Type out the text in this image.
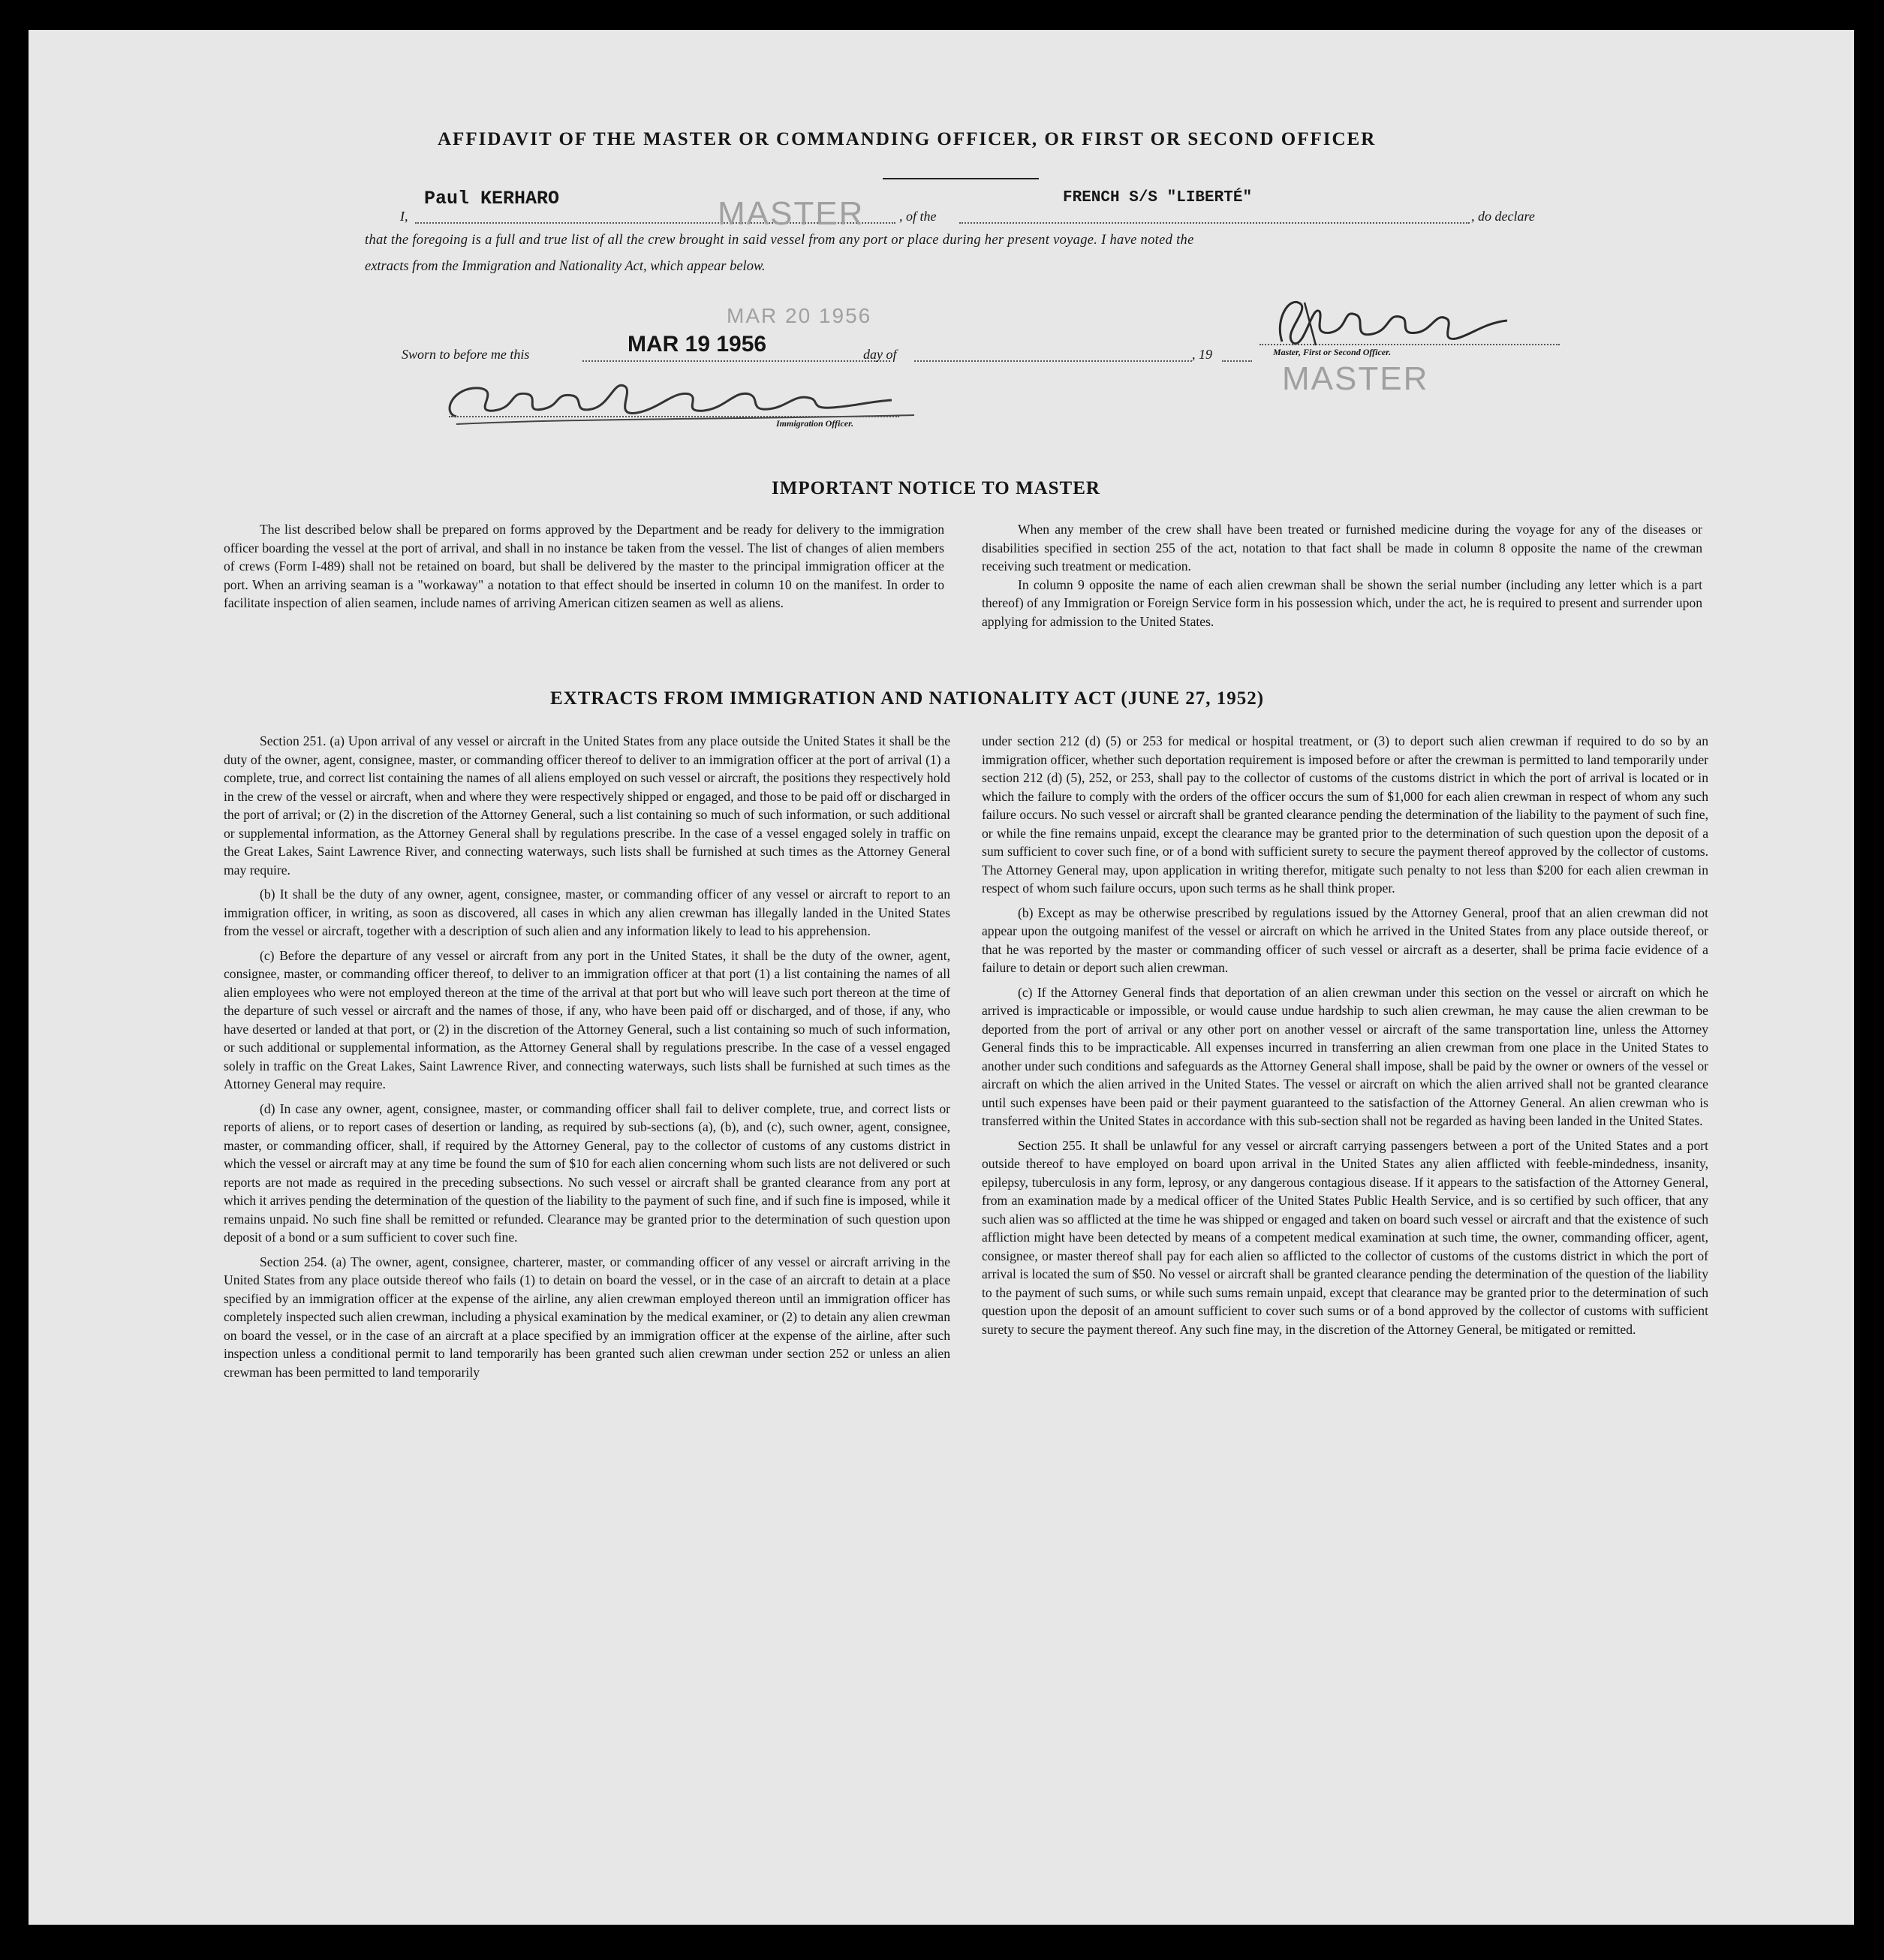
AFFIDAVIT OF THE MASTER OR COMMANDING OFFICER, OR FIRST OR SECOND OFFICER
I,
Paul KERHARO	MASTER	, of the
FRENCH S/S "LIBERTÉ"
, do declare
that the foregoing is a full and true list of all the crew brought in said vessel from any port or place during her present voyage. I have noted the
extracts from the Immigration and Nationality Act, which appear below.
MAR 20 1956
Master, First or Second Officer.
MASTER
Sworn to before me this	MAR 19 1956	day of	, 19
Immigration Officer.
IMPORTANT NOTICE TO MASTER

The list described below shall be prepared on forms approved by the Department and be ready for delivery to the immigration officer boarding the vessel at the port of arrival, and shall in no instance be taken from the vessel. The list of changes of alien members of crews (Form I-489) shall not be retained on board, but shall be delivered by the master to the principal immigration officer at the port. When an arriving seaman is a "workaway" a notation to that effect should be inserted in column 10 on the manifest. In order to facilitate inspection of alien seamen, include names of arriving American citizen seamen as well as aliens.

When any member of the crew shall have been treated or furnished medicine during the voyage for any of the diseases or disabilities specified in section 255 of the act, notation to that fact shall be made in column 8 opposite the name of the crewman receiving such treatment or medication.

In column 9 opposite the name of each alien crewman shall be shown the serial number (including any letter which is a part thereof) of any Immigration or Foreign Service form in his possession which, under the act, he is required to present and surrender upon applying for admission to the United States.

EXTRACTS FROM IMMIGRATION AND NATIONALITY ACT (JUNE 27, 1952)

Section 251. (a) Upon arrival of any vessel or aircraft in the United States from any place outside the United States it shall be the duty of the owner, agent, consignee, master, or commanding officer thereof to deliver to an immigration officer at the port of arrival (1) a complete, true, and correct list containing the names of all aliens employed on such vessel or aircraft, the positions they respectively hold in the crew of the vessel or aircraft, when and where they were respectively shipped or engaged, and those to be paid off or discharged in the port of arrival; or (2) in the discretion of the Attorney General, such a list containing so much of such information, or such additional or supplemental information, as the Attorney General shall by regulations prescribe. In the case of a vessel engaged solely in traffic on the Great Lakes, Saint Lawrence River, and connecting waterways, such lists shall be furnished at such times as the Attorney General may require.

(b) It shall be the duty of any owner, agent, consignee, master, or commanding officer of any vessel or aircraft to report to an immigration officer, in writing, as soon as discovered, all cases in which any alien crewman has illegally landed in the United States from the vessel or aircraft, together with a description of such alien and any information likely to lead to his apprehension.

(c) Before the departure of any vessel or aircraft from any port in the United States, it shall be the duty of the owner, agent, consignee, master, or commanding officer thereof, to deliver to an immigration officer at that port (1) a list containing the names of all alien employees who were not employed thereon at the time of the arrival at that port but who will leave such port thereon at the time of the departure of such vessel or aircraft and the names of those, if any, who have been paid off or discharged, and of those, if any, who have deserted or landed at that port, or (2) in the discretion of the Attorney General, such a list containing so much of such information, or such additional or supplemental information, as the Attorney General shall by regulations prescribe. In the case of a vessel engaged solely in traffic on the Great Lakes, Saint Lawrence River, and connecting waterways, such lists shall be furnished at such times as the Attorney General may require.

(d) In case any owner, agent, consignee, master, or commanding officer shall fail to deliver complete, true, and correct lists or reports of aliens, or to report cases of desertion or landing, as required by sub-sections (a), (b), and (c), such owner, agent, consignee, master, or commanding officer, shall, if required by the Attorney General, pay to the collector of customs of any customs district in which the vessel or aircraft may at any time be found the sum of $10 for each alien concerning whom such lists are not delivered or such reports are not made as required in the preceding subsections. No such vessel or aircraft shall be granted clearance from any port at which it arrives pending the determination of the question of the liability to the payment of such fine, and if such fine is imposed, while it remains unpaid. No such fine shall be remitted or refunded. Clearance may be granted prior to the determination of such question upon deposit of a bond or a sum sufficient to cover such fine.

Section 254. (a) The owner, agent, consignee, charterer, master, or commanding officer of any vessel or aircraft arriving in the United States from any place outside thereof who fails (1) to detain on board the vessel, or in the case of an aircraft to detain at a place specified by an immigration officer at the expense of the airline, any alien crewman employed thereon until an immigration officer has completely inspected such alien crewman, including a physical examination by the medical examiner, or (2) to detain any alien crewman on board the vessel, or in the case of an aircraft at a place specified by an immigration officer at the expense of the airline, after such inspection unless a conditional permit to land temporarily has been granted such alien crewman under section 252 or unless an alien crewman has been permitted to land temporarily

under section 212 (d) (5) or 253 for medical or hospital treatment, or (3) to deport such alien crewman if required to do so by an immigration officer, whether such deportation requirement is imposed before or after the crewman is permitted to land temporarily under section 212 (d) (5), 252, or 253, shall pay to the collector of customs of the customs district in which the port of arrival is located or in which the failure to comply with the orders of the officer occurs the sum of $1,000 for each alien crewman in respect of whom any such failure occurs. No such vessel or aircraft shall be granted clearance pending the determination of the liability to the payment of such fine, or while the fine remains unpaid, except the clearance may be granted prior to the determination of such question upon the deposit of a sum sufficient to cover such fine, or of a bond with sufficient surety to secure the payment thereof approved by the collector of customs. The Attorney General may, upon application in writing therefor, mitigate such penalty to not less than $200 for each alien crewman in respect of whom such failure occurs, upon such terms as he shall think proper.

(b) Except as may be otherwise prescribed by regulations issued by the Attorney General, proof that an alien crewman did not appear upon the outgoing manifest of the vessel or aircraft on which he arrived in the United States from any place outside thereof, or that he was reported by the master or commanding officer of such vessel or aircraft as a deserter, shall be prima facie evidence of a failure to detain or deport such alien crewman.

(c) If the Attorney General finds that deportation of an alien crewman under this section on the vessel or aircraft on which he arrived is impracticable or impossible, or would cause undue hardship to such alien crewman, he may cause the alien crewman to be deported from the port of arrival or any other port on another vessel or aircraft of the same transportation line, unless the Attorney General finds this to be impracticable. All expenses incurred in transferring an alien crewman from one place in the United States to another under such conditions and safeguards as the Attorney General shall impose, shall be paid by the owner or owners of the vessel or aircraft on which the alien arrived in the United States. The vessel or aircraft on which the alien arrived shall not be granted clearance until such expenses have been paid or their payment guaranteed to the satisfaction of the Attorney General. An alien crewman who is transferred within the United States in accordance with this sub-section shall not be regarded as having been landed in the United States.

Section 255. It shall be unlawful for any vessel or aircraft carrying passengers between a port of the United States and a port outside thereof to have employed on board upon arrival in the United States any alien afflicted with feeble-mindedness, insanity, epilepsy, tuberculosis in any form, leprosy, or any dangerous contagious disease. If it appears to the satisfaction of the Attorney General, from an examination made by a medical officer of the United States Public Health Service, and is so certified by such officer, that any such alien was so afflicted at the time he was shipped or engaged and taken on board such vessel or aircraft and that the existence of such affliction might have been detected by means of a competent medical examination at such time, the owner, commanding officer, agent, consignee, or master thereof shall pay for each alien so afflicted to the collector of customs of the customs district in which the port of arrival is located the sum of $50. No vessel or aircraft shall be granted clearance pending the determination of the question of the liability to the payment of such sums, or while such sums remain unpaid, except that clearance may be granted prior to the determination of such question upon the deposit of an amount sufficient to cover such sums or of a bond approved by the collector of customs with sufficient surety to secure the payment thereof. Any such fine may, in the discretion of the Attorney General, be mitigated or remitted.
